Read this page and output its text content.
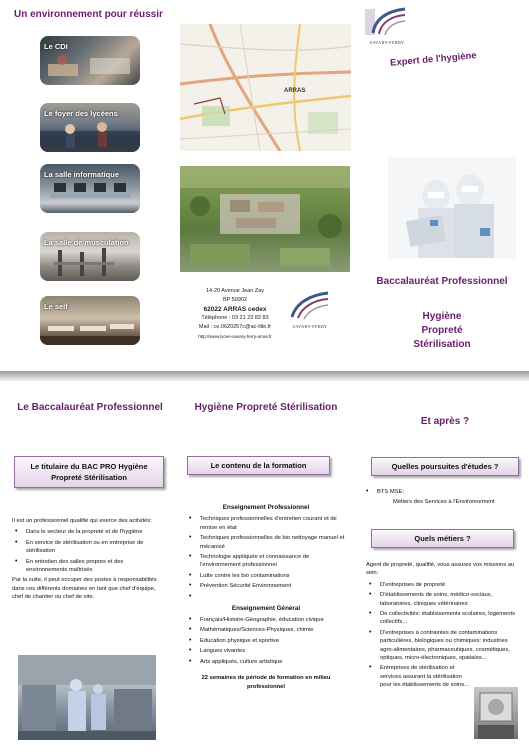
Un environnement pour réussir
Le CDI
Le foyer des lycéens
La salle informatique
La salle de musculation
Le self
ARRAS
14-20 Avenue Jean Zay
BP 50902
62022 ARRAS cedex
Téléphone : 03 21 23 83 83
Mail : ce.0620257c@ac-lille.fr
http://www.lycee-savary-ferry-arras.fr
SAVARY-FERRY
SAVARY-FERRY
Expert de l'hygiène
Baccalauréat Professionnel
Hygiène
Propreté
Stérilisation
Le Baccalauréat Professionnel
Le titulaire du BAC PRO Hygiène Propreté Stérilisation

Il est un professionnel qualifié qui exerce des activités:

• Dans le secteur de la propreté et de l'hygiène
• En service de stérilisation ou en entreprise de stérilisation
• En entretien des salles propres et des environnements maîtrisés

Par la suite, il peut occuper des postes à responsabilités dans ces différents domaines en tant que chef d'équipe, chef de chantier ou chef de site.

Hygiène Propreté Stérilisation
Le contenu de la formation
Enseignement Professionnel
• Techniques professionnelles d'entretien courant et de remise en état
• Techniques professionnelles de bio nettoyage manuel et mécanisé
• Technologie appliquée et connaissance de l'environnement professionnel
• Lutte contre les bio contaminations
• Prévention Sécurité Environnement
•
Enseignement Général
• Français/Histoire-Géographie, éducation civique
• Mathématiques/Sciences-Physiques, chimie
• Education physique et sportive
• Langues vivantes
• Arts appliqués, culture artistique
22 semaines de période de formation en milieu professionnel
Et après ?
Quelles poursuites d'études ?
• BTS MSE:
Métiers des Services à l'Environnement
Quels métiers ?

Agent de propreté, qualifié, vous assurez vos missions au sein:

• D'entreprises de propreté
• D'établissements de soins, médico-sociaux, laboratoires, cliniques vétérinaires
• De collectivités: établissements scolaires, logements collectifs...
• D'entreprises à contraintes de contaminations particulières, biologiques ou chimiques: industries agro-alimentaires, pharmaceutiques, cosmétiques, optiques, micro-électroniques, spatiales...
• Entreprises de stérilisation et services assurant la stérilisation pour les établissements de soins...
